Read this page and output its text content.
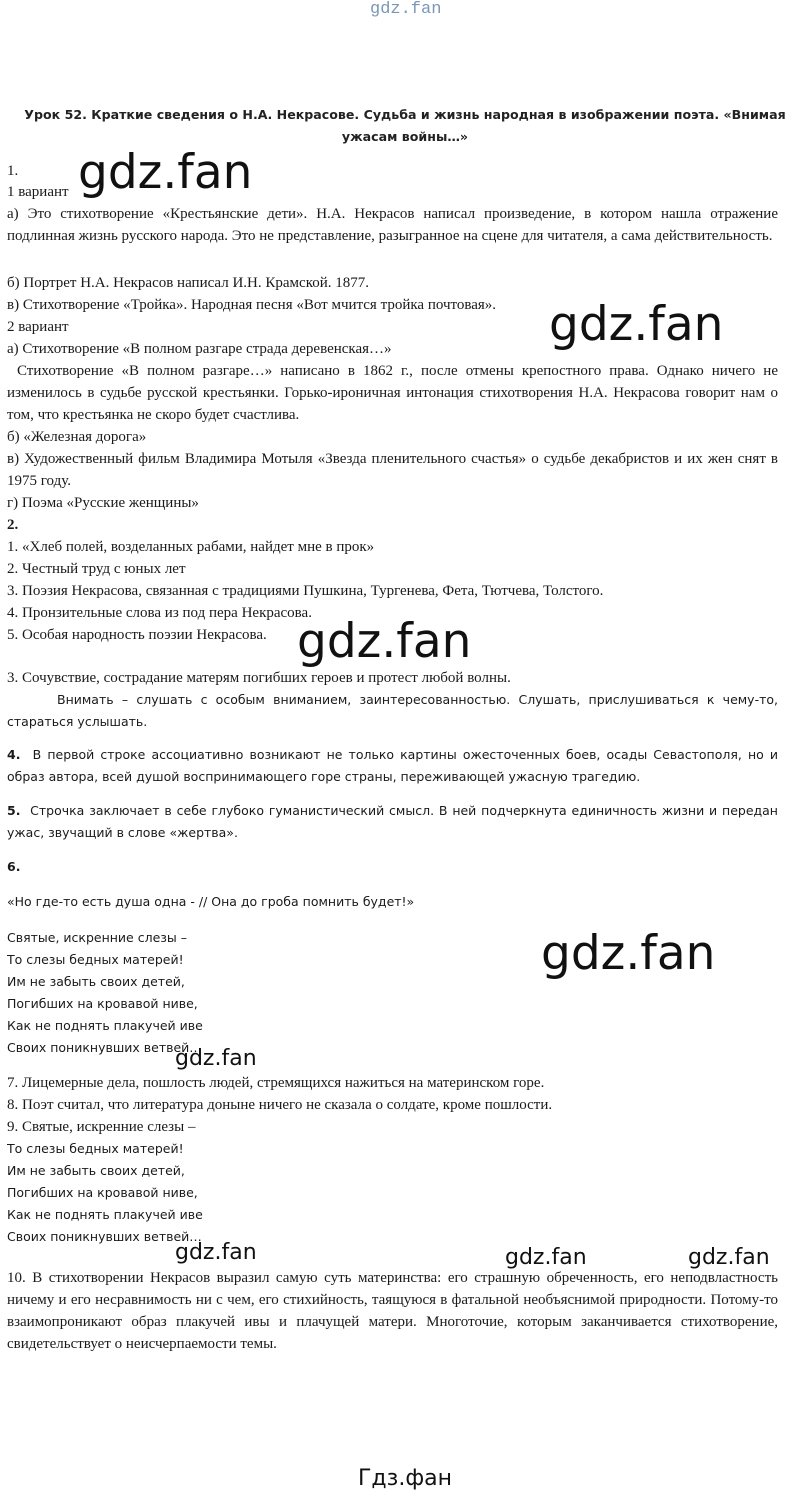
gdz.fan
Урок 52. Краткие сведения о Н.А. Некрасове. Судьба и жизнь народная в изображении поэта. «Внимая ужасам войны…»
1.
1 вариант
а) Это стихотворение «Крестьянские дети». Н.А. Некрасов написал произведение, в котором нашла отражение подлинная жизнь русского народа. Это не представление, разыгранное на сцене для читателя, а сама действительность.
б) Портрет Н.А. Некрасов написал И.Н. Крамской. 1877.
в) Стихотворение «Тройка». Народная песня «Вот мчится тройка почтовая».
2 вариант
а) Стихотворение «В полном разгаре страда деревенская…»
Стихотворение «В полном разгаре…» написано в 1862 г., после отмены крепостного права. Однако ничего не изменилось в судьбе русской крестьянки. Горько-ироничная интонация стихотворения Н.А. Некрасова говорит нам о том, что крестьянка не скоро будет счастлива.
б) «Железная дорога»
в) Художественный фильм Владимира Мотыля «Звезда пленительного счастья» о судьбе декабристов и их жен снят в 1975 году.
г) Поэма «Русские женщины»
2.
1. «Хлеб полей, возделанных рабами, найдет мне в прок»
2. Честный труд с юных лет
3. Поэзия Некрасова, связанная с традициями Пушкина, Тургенева, Фета, Тютчева, Толстого.
4. Пронзительные слова из под пера Некрасова.
5. Особая народность поэзии Некрасова.
3. Сочувствие, сострадание матерям погибших героев и протест любой волны.
Внимать – слушать с особым вниманием, заинтересованностью. Слушать, прислушиваться к чему-то, стараться услышать.
4. В первой строке ассоциативно возникают не только картины ожесточенных боев, осады Севастополя, но и образ автора, всей душой воспринимающего горе страны, переживающей ужасную трагедию.
5. Строчка заключает в себе глубоко гуманистический смысл. В ней подчеркнута единичность жизни и передан ужас, звучащий в слове «жертва».
6.
«Но где-то есть душа одна - // Она до гроба помнить будет!»
Святые, искренние слезы –
То слезы бедных матерей!
Им не забыть своих детей,
Погибших на кровавой ниве,
Как не поднять плакучей иве
Своих поникнувших ветвей…
7. Лицемерные дела, пошлость людей, стремящихся нажиться на материнском горе.
8. Поэт считал, что литература доныне ничего не сказала о солдате, кроме пошлости.
9. Святые, искренние слезы –
То слезы бедных матерей!
Им не забыть своих детей,
Погибших на кровавой ниве,
Как не поднять плакучей иве
Своих поникнувших ветвей…
10. В стихотворении Некрасов выразил самую суть материнства: его страшную обреченность, его неподвластность ничему и его несравнимость ни с чем, его стихийность, таящуюся в фатальной необъяснимой природности. Потому-то взаимопроникают образ плакучей ивы и плачущей матери. Многоточие, которым заканчивается стихотворение, свидетельствует о неисчерпаемости темы.
gdz.fan
gdz.fan
gdz.fan
gdz.fan
gdz.fan
gdz.fan	gdz.fan	gdz.fan
Гдз.фан
